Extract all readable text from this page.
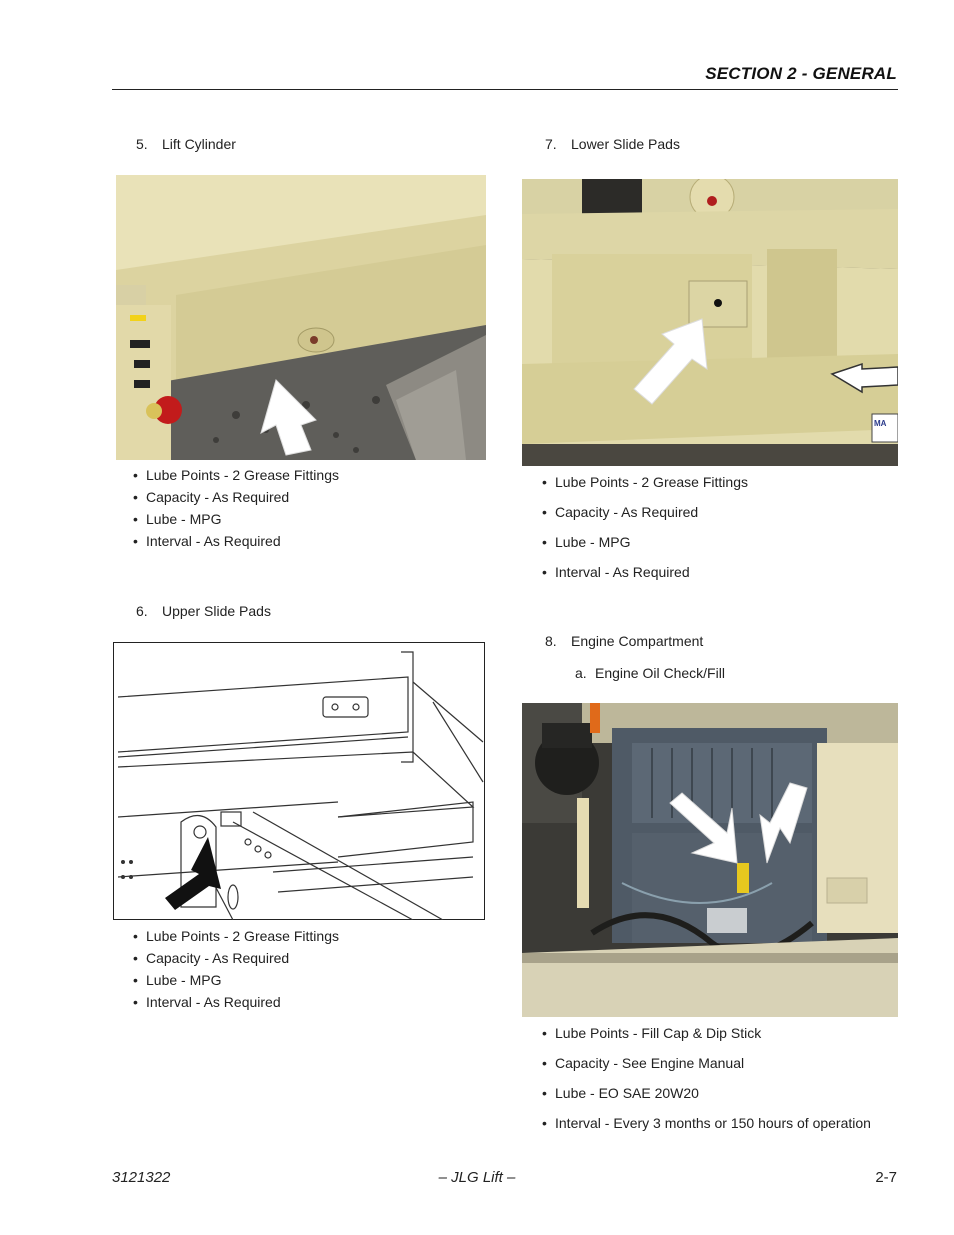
SECTION 2 - GENERAL
5. Lift Cylinder
• Lube Points - 2 Grease Fittings
• Capacity - As Required
• Lube - MPG
• Interval - As Required
6. Upper Slide Pads
• Lube Points - 2 Grease Fittings
• Capacity - As Required
• Lube - MPG
• Interval - As Required
7. Lower Slide Pads
MA
• Lube Points - 2 Grease Fittings
• Capacity - As Required
• Lube - MPG
• Interval - As Required
8. Engine Compartment
a. Engine Oil Check/Fill
• Lube Points - Fill Cap & Dip Stick
• Capacity - See Engine Manual
• Lube - EO SAE 20W20
• Interval - Every 3 months or 150 hours of operation
3121322	– JLG Lift –	2-7
